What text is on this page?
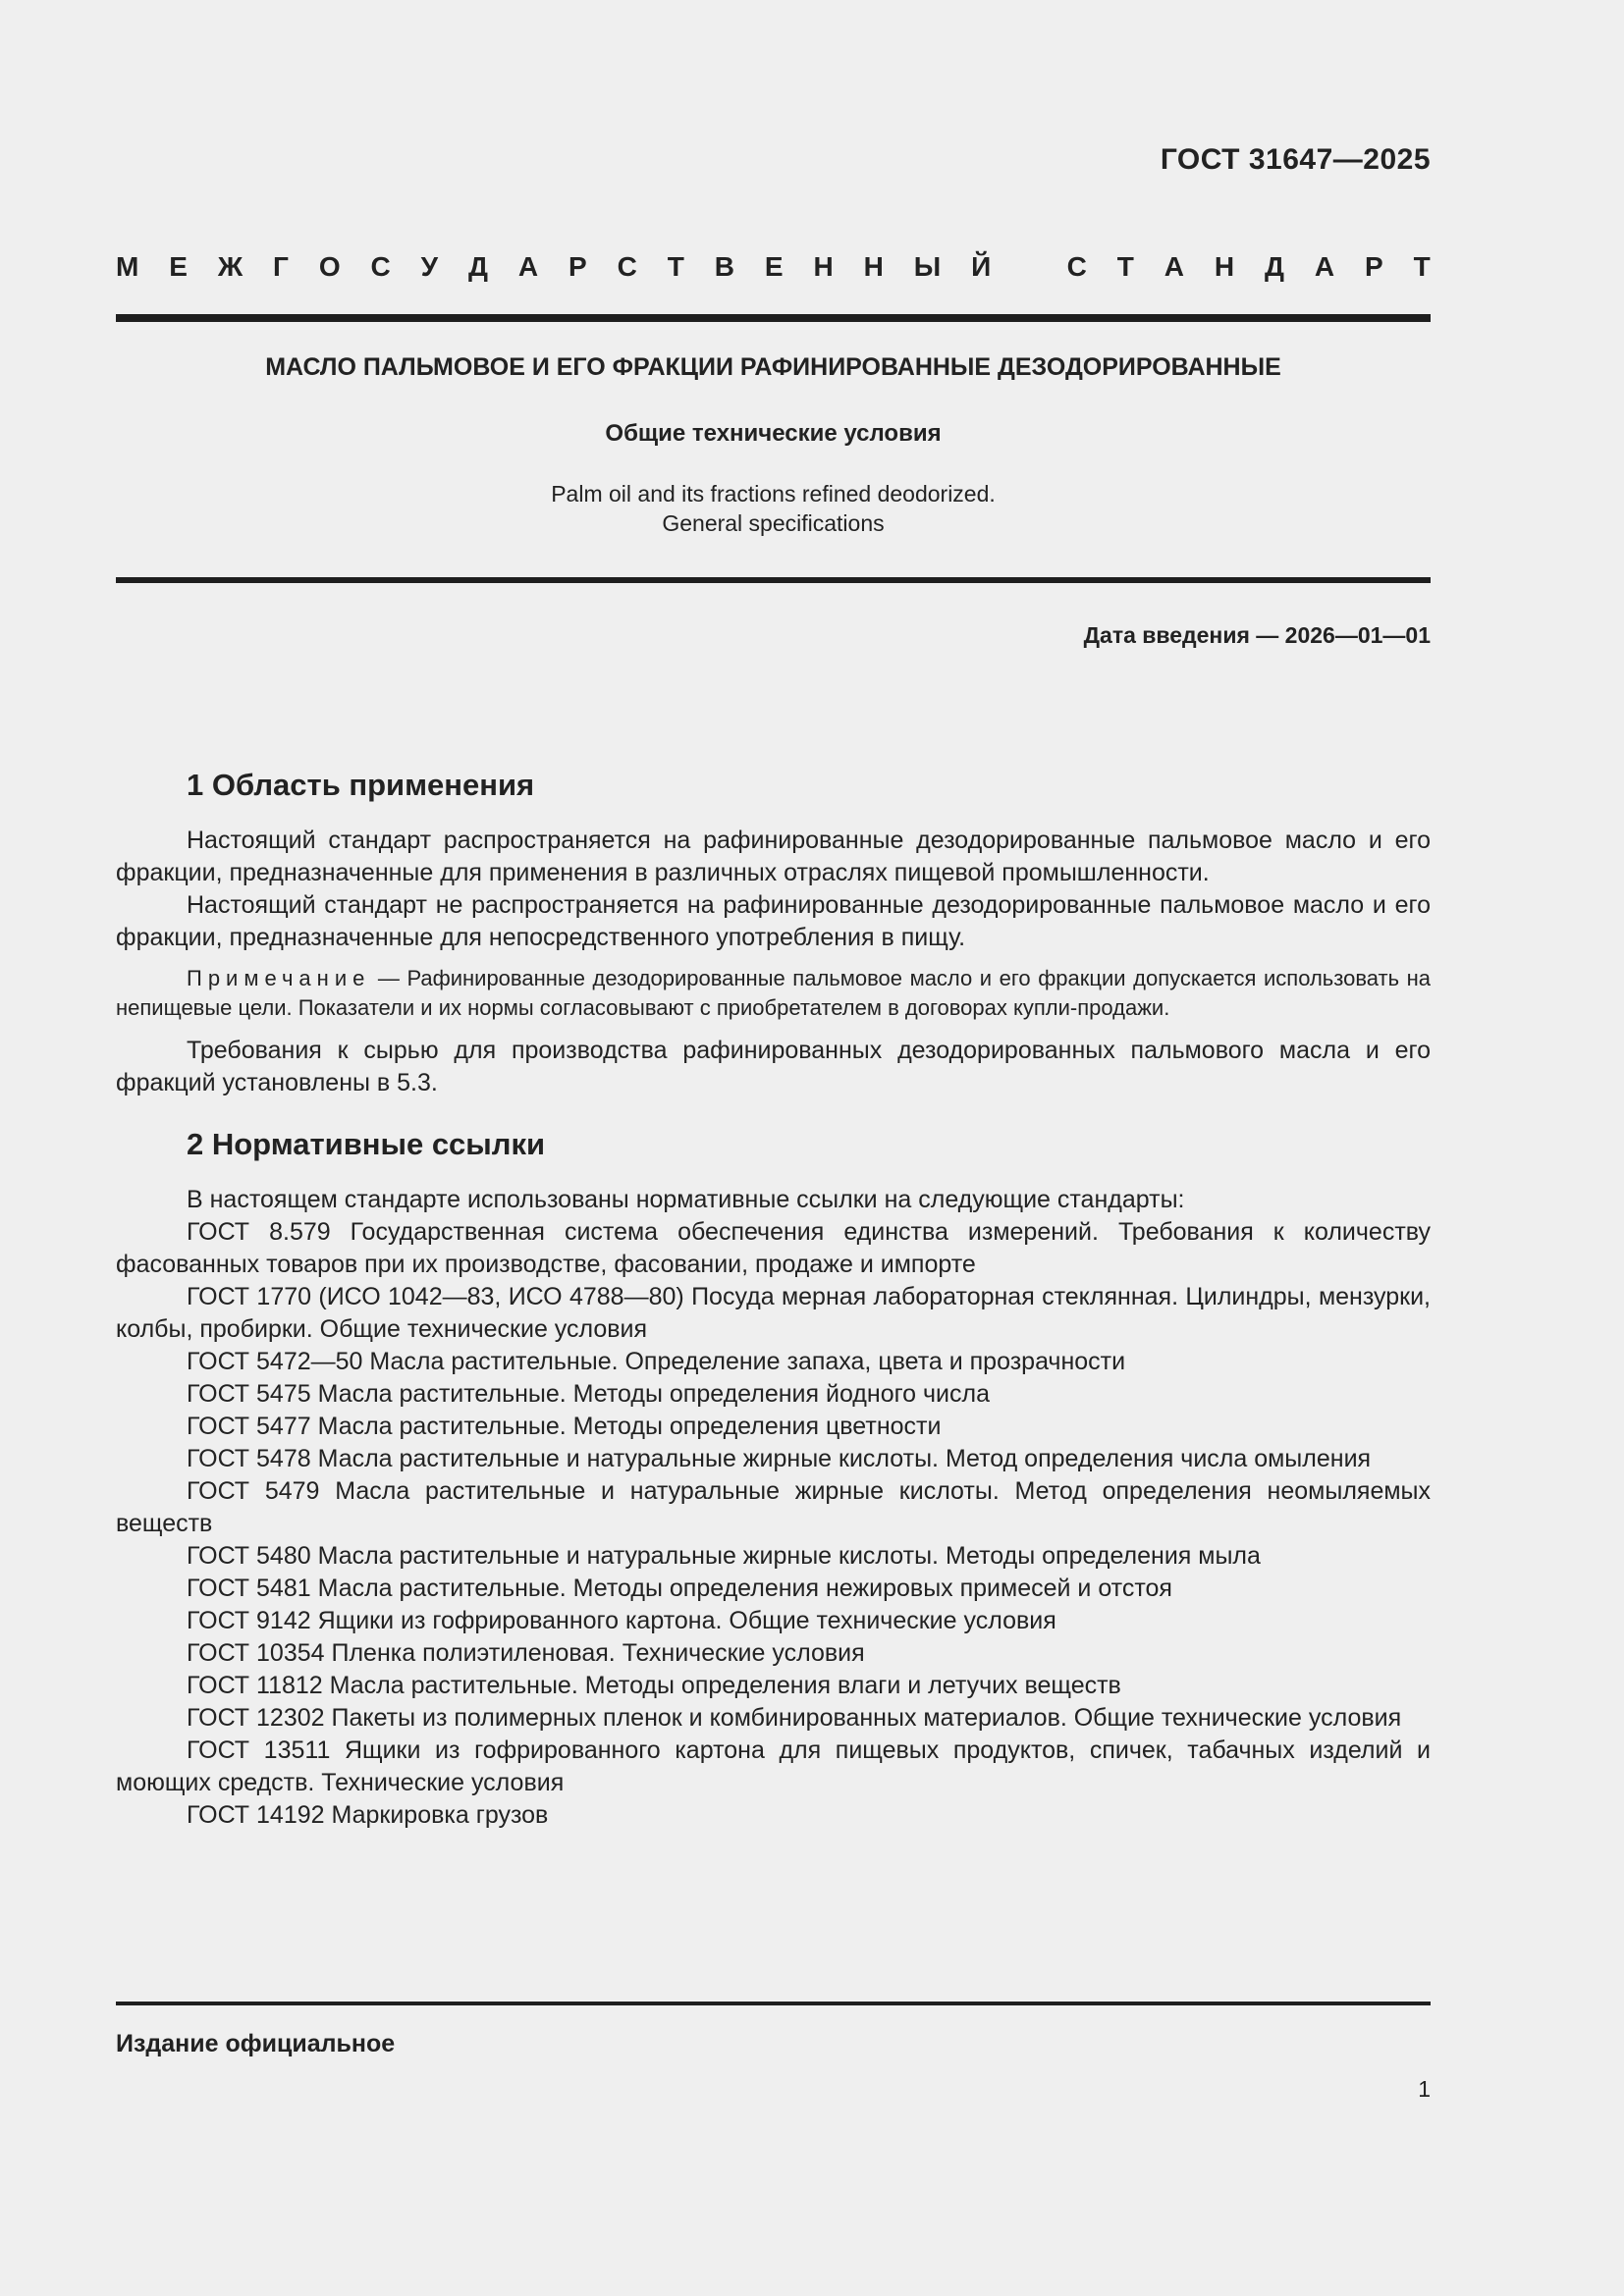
ГОСТ 31647—2025
М Е Ж Г О С У Д А Р С Т В Е Н Н Ы Й
	С Т А Н Д А Р Т
МАСЛО ПАЛЬМОВОЕ И ЕГО ФРАКЦИИ РАФИНИРОВАННЫЕ ДЕЗОДОРИРОВАННЫЕ
Общие технические условия
Palm oil and its fractions refined deodorized.
General specifications
Дата введения — 2026—01—01
1 Область применения

Настоящий стандарт распространяется на рафинированные дезодорированные пальмовое масло и его фракции, предназначенные для применения в различных отраслях пищевой промышленности.

Настоящий стандарт не распространяется на рафинированные дезодорированные пальмовое масло и его фракции, предназначенные для непосредственного употребления в пищу.

Примечание — Рафинированные дезодорированные пальмовое масло и его фракции допускается использовать на непищевые цели. Показатели и их нормы согласовывают с приобретателем в договорах купли-продажи.

Требования к сырью для производства рафинированных дезодорированных пальмового масла и его фракций установлены в 5.3.

2 Нормативные ссылки

В настоящем стандарте использованы нормативные ссылки на следующие стандарты:

ГОСТ 8.579 Государственная система обеспечения единства измерений. Требования к количеству фасованных товаров при их производстве, фасовании, продаже и импорте

ГОСТ 1770 (ИСО 1042—83, ИСО 4788—80) Посуда мерная лабораторная стеклянная. Цилиндры, мензурки, колбы, пробирки. Общие технические условия

ГОСТ 5472—50 Масла растительные. Определение запаха, цвета и прозрачности

ГОСТ 5475 Масла растительные. Методы определения йодного числа

ГОСТ 5477 Масла растительные. Методы определения цветности

ГОСТ 5478 Масла растительные и натуральные жирные кислоты. Метод определения числа омыления

ГОСТ 5479 Масла растительные и натуральные жирные кислоты. Метод определения неомыляемых веществ

ГОСТ 5480 Масла растительные и натуральные жирные кислоты. Методы определения мыла

ГОСТ 5481 Масла растительные. Методы определения нежировых примесей и отстоя

ГОСТ 9142 Ящики из гофрированного картона. Общие технические условия

ГОСТ 10354 Пленка полиэтиленовая. Технические условия

ГОСТ 11812 Масла растительные. Методы определения влаги и летучих веществ

ГОСТ 12302 Пакеты из полимерных пленок и комбинированных материалов. Общие технические условия

ГОСТ 13511 Ящики из гофрированного картона для пищевых продуктов, спичек, табачных изделий и моющих средств. Технические условия

ГОСТ 14192 Маркировка грузов

Издание официальное
1
